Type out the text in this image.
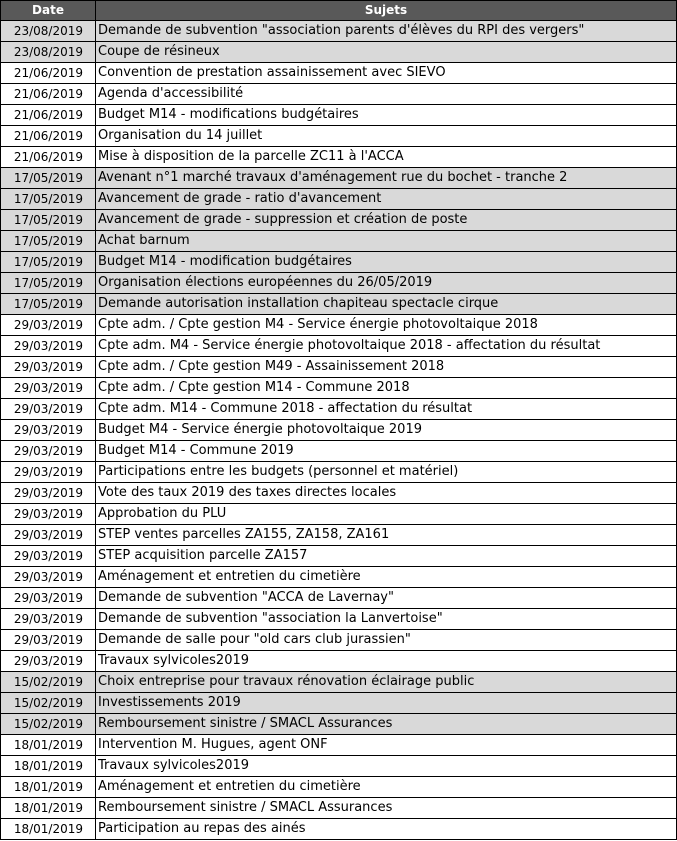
Date	Sujets
23/08/2019	Demande de subvention "association parents d'élèves du RPI des vergers"
23/08/2019	Coupe de résineux
21/06/2019	Convention de prestation assainissement avec SIEVO
21/06/2019	Agenda d'accessibilité
21/06/2019	Budget M14 - modifications budgétaires
21/06/2019	Organisation du 14 juillet
21/06/2019	Mise à disposition de la parcelle ZC11 à l'ACCA
17/05/2019	Avenant n°1 marché travaux d'aménagement rue du bochet - tranche 2
17/05/2019	Avancement de grade - ratio d'avancement
17/05/2019	Avancement de grade - suppression et création de poste
17/05/2019	Achat barnum
17/05/2019	Budget M14 - modification budgétaires
17/05/2019	Organisation élections européennes du 26/05/2019
17/05/2019	Demande autorisation installation chapiteau spectacle cirque
29/03/2019	Cpte adm. / Cpte gestion M4 - Service énergie photovoltaique 2018
29/03/2019	Cpte adm. M4 - Service énergie photovoltaique 2018 - affectation du résultat
29/03/2019	Cpte adm. / Cpte gestion M49 - Assainissement 2018
29/03/2019	Cpte adm. / Cpte gestion M14 - Commune 2018
29/03/2019	Cpte adm. M14 - Commune 2018 - affectation du résultat
29/03/2019	Budget M4 - Service énergie photovoltaique 2019
29/03/2019	Budget M14 - Commune 2019
29/03/2019	Participations entre les budgets (personnel et matériel)
29/03/2019	Vote des taux 2019 des taxes directes locales
29/03/2019	Approbation du PLU
29/03/2019	STEP ventes parcelles ZA155, ZA158, ZA161
29/03/2019	STEP acquisition parcelle ZA157
29/03/2019	Aménagement et entretien du cimetière
29/03/2019	Demande de subvention "ACCA de Lavernay"
29/03/2019	Demande de subvention "association la Lanvertoise"
29/03/2019	Demande de salle pour "old cars club jurassien"
29/03/2019	Travaux sylvicoles2019
15/02/2019	Choix entreprise pour travaux rénovation éclairage public
15/02/2019	Investissements 2019
15/02/2019	Remboursement sinistre / SMACL Assurances
18/01/2019	Intervention M. Hugues, agent ONF
18/01/2019	Travaux sylvicoles2019
18/01/2019	Aménagement et entretien du cimetière
18/01/2019	Remboursement sinistre / SMACL Assurances
18/01/2019	Participation au repas des ainés
